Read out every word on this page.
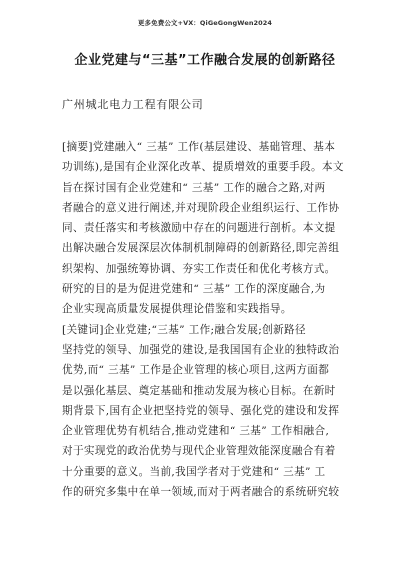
更多免费公文+VX：QiGeGongWen2024
企业党建与“三基”工作融合发展的创新路径
广州城北电力工程有限公司
[摘要]党建融入“ 三基” 工作(基层建设、基础管理、基本
功训练),是国有企业深化改革、提质增效的重要手段。本文
旨在探讨国有企业党建和“ 三基” 工作的融合之路,对两
者融合的意义进行阐述,并对现阶段企业组织运行、工作协
同、责任落实和考核激励中存在的问题进行剖析。本文提
出解决融合发展深层次体制机制障碍的创新路径,即完善组
织架构、加强统筹协调、夯实工作责任和优化考核方式。
研究的目的是为促进党建和“ 三基” 工作的深度融合,为
企业实现高质量发展提供理论借鉴和实践指导。
[关键词]企业党建;“三基” 工作;融合发展;创新路径
坚持党的领导、加强党的建设,是我国国有企业的独特政治
优势,而“ 三基” 工作是企业管理的核心项目,这两方面都
是以强化基层、奠定基础和推动发展为核心目标。在新时
期背景下,国有企业把坚持党的领导、强化党的建设和发挥
企业管理优势有机结合,推动党建和“ 三基” 工作相融合,
对于实现党的政治优势与现代企业管理效能深度融合有着
十分重要的意义。当前,我国学者对于党建和“ 三基” 工
作的研究多集中在单一领域,而对于两者融合的系统研究较
